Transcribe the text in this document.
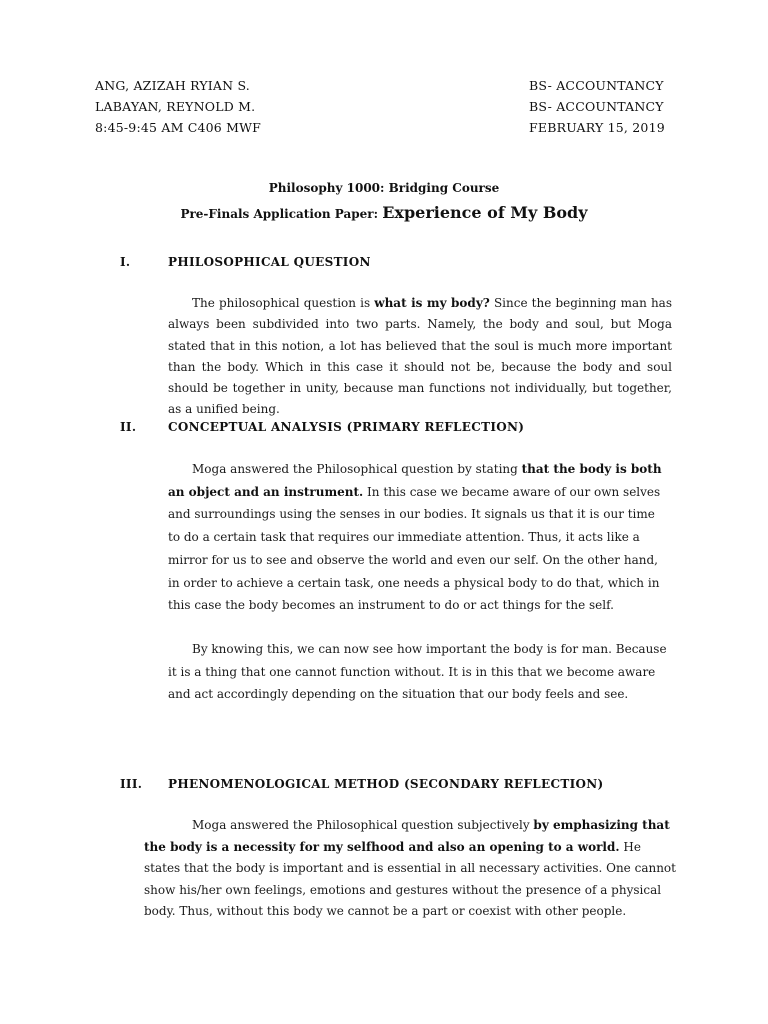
ANG, AZIZAH RYIAN S.
LABAYAN, REYNOLD M.
8:45-9:45 AM C406 MWF
BS- ACCOUNTANCY
BS- ACCOUNTANCY
FEBRUARY 15, 2019
Philosophy 1000: Bridging Course
Pre-Finals Application Paper: Experience of My Body
I.	PHILOSOPHICAL QUESTION

The philosophical question is what is my body? Since the beginning man has always been subdivided into two parts. Namely, the body and soul, but Moga stated that in this notion, a lot has believed that the soul is much more important than the body. Which in this case it should not be, because the body and soul should be together in unity, because man functions not individually, but together, as a unified being.

II.	CONCEPTUAL ANALYSIS (PRIMARY REFLECTION)

Moga answered the Philosophical question by stating that the body is both an object and an instrument. In this case we became aware of our own selves and surroundings using the senses in our bodies. It signals us that it is our time to do a certain task that requires our immediate attention. Thus, it acts like a mirror for us to see and observe the world and even our self. On the other hand, in order to achieve a certain task, one needs a physical body to do that, which in this case the body becomes an instrument to do or act things for the self.

By knowing this, we can now see how important the body is for man. Because it is a thing that one cannot function without. It is in this that we become aware and act accordingly depending on the situation that our body feels and see.

III. PHENOMENOLOGICAL METHOD (SECONDARY REFLECTION)

Moga answered the Philosophical question subjectively by emphasizing that the body is a necessity for my selfhood and also an opening to a world. He states that the body is important and is essential in all necessary activities. One cannot show his/her own feelings, emotions and gestures without the presence of a physical body. Thus, without this body we cannot be a part or coexist with other people.
